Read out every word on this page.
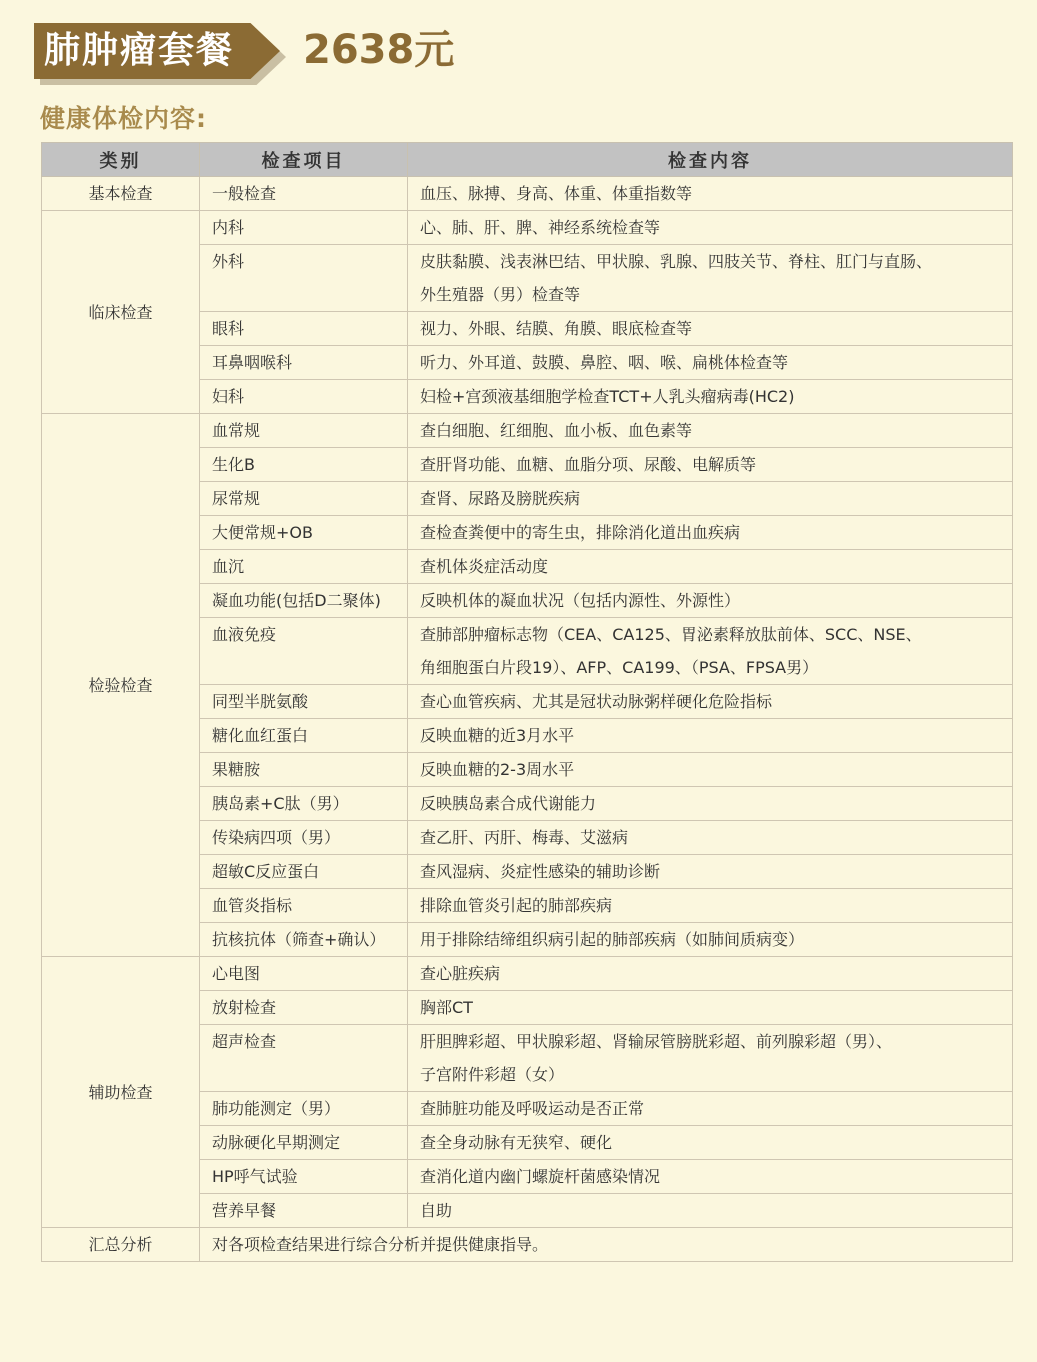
肺肿瘤套餐 2638元
健康体检内容:
类别	检查项目	检查内容
基本检查	一般检查	血压、脉搏、身高、体重、体重指数等

临床检查	内科	心、肺、肝、脾、神经系统检查等

	外科	皮肤黏膜、浅表淋巴结、甲状腺、乳腺、四肢关节、脊柱、肛门与直肠、
外生殖器（男）检查等

	眼科	视力、外眼、结膜、角膜、眼底检查等

	耳鼻咽喉科	听力、外耳道、鼓膜、鼻腔、咽、喉、扁桃体检查等

	妇科	妇检+宫颈液基细胞学检查TCT+人乳头瘤病毒(HC2)

检验检查	血常规	查白细胞、红细胞、血小板、血色素等

	生化B	查肝肾功能、血糖、血脂分项、尿酸、电解质等

	尿常规	查肾、尿路及膀胱疾病

	大便常规+OB	查检查粪便中的寄生虫，排除消化道出血疾病

	血沉	查机体炎症活动度

	凝血功能(包括D二聚体)	反映机体的凝血状况（包括内源性、外源性）

	血液免疫	查肺部肿瘤标志物（CEA、CA125、胃泌素释放肽前体、SCC、NSE、
角细胞蛋白片段19）、AFP、CA199、（PSA、FPSA男）

	同型半胱氨酸	查心血管疾病、尤其是冠状动脉粥样硬化危险指标

	糖化血红蛋白	反映血糖的近3月水平

	果糖胺	反映血糖的2-3周水平

	胰岛素+C肽（男）	反映胰岛素合成代谢能力

	传染病四项（男）	查乙肝、丙肝、梅毒、艾滋病

	超敏C反应蛋白	查风湿病、炎症性感染的辅助诊断

	血管炎指标	排除血管炎引起的肺部疾病

	抗核抗体（筛查+确认）	用于排除结缔组织病引起的肺部疾病（如肺间质病变）

辅助检查	心电图	查心脏疾病

	放射检查	胸部CT

	超声检查	肝胆脾彩超、甲状腺彩超、肾输尿管膀胱彩超、前列腺彩超（男）、
子宫附件彩超（女）

	肺功能测定（男）	查肺脏功能及呼吸运动是否正常

	动脉硬化早期测定	查全身动脉有无狭窄、硬化

	HP呼气试验	查消化道内幽门螺旋杆菌感染情况

	营养早餐	自助

汇总分析	对各项检查结果进行综合分析并提供健康指导。	
